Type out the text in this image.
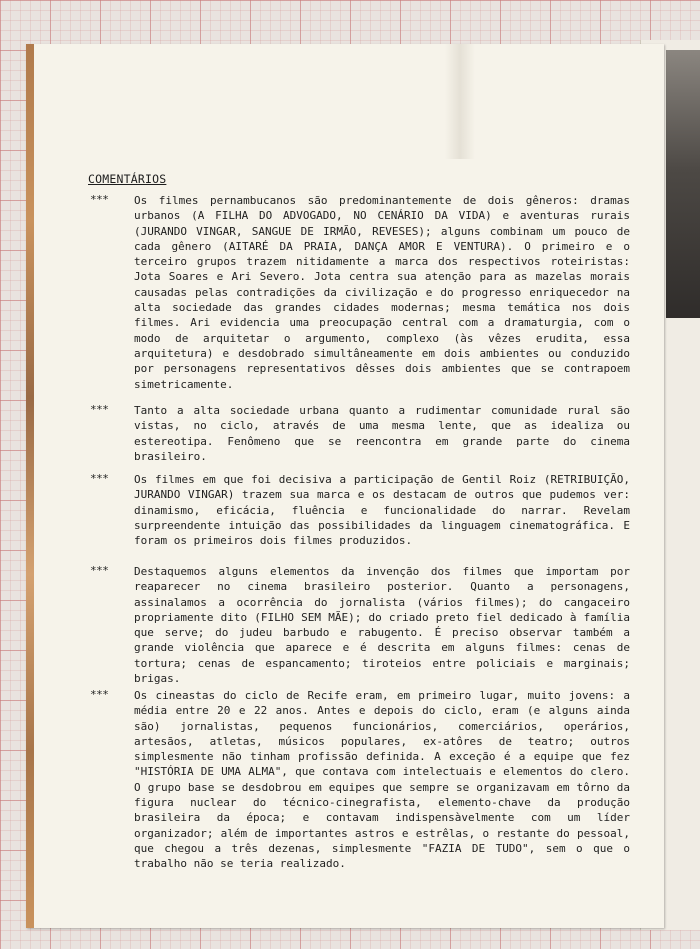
COMENTÁRIOS
*** Os filmes pernambucanos são predominantemente de dois gêneros: dramas urbanos (A FILHA DO ADVOGADO, NO CENÁRIO DA VIDA) e aventuras rurais (JURANDO VINGAR, SANGUE DE IRMÃO, REVESES); alguns combinam um pouco de cada gênero (AITARÉ DA PRAIA, DANÇA AMOR E VENTURA). O primeiro e o terceiro grupos trazem nitidamente a marca dos respectivos roteiristas: Jota Soares e Ari Severo. Jota centra sua atenção para as mazelas morais causadas pelas contradições da civilização e do progresso enriquecedor na alta sociedade das grandes cidades modernas; mesma temática nos dois filmes. Ari evidencia uma preocupação central com a dramaturgia, com o modo de arquitetar o argumento, complexo (às vêzes erudita, essa arquitetura) e desdobrado simultâneamente em dois ambientes ou conduzido por personagens representativos dêsses dois ambientes que se contrapoem simetricamente.
*** Tanto a alta sociedade urbana quanto a rudimentar comunidade rural são vistas, no ciclo, através de uma mesma lente, que as idealiza ou estereotipa. Fenômeno que se reencontra em grande parte do cinema brasileiro.
*** Os filmes em que foi decisiva a participação de Gentil Roiz (RETRIBUIÇÃO, JURANDO VINGAR) trazem sua marca e os destacam de outros que pudemos ver: dinamismo, eficácia, fluência e funcionalidade do narrar. Revelam surpreendente intuição das possibilidades da linguagem cinematográfica. E foram os primeiros dois filmes produzidos.
*** Destaquemos alguns elementos da invenção dos filmes que importam por reaparecer no cinema brasileiro posterior. Quanto a personagens, assinalamos a ocorrência do jornalista (vários filmes); do cangaceiro propriamente dito (FILHO SEM MÃE); do criado preto fiel dedicado à família que serve; do judeu barbudo e rabugento. É preciso observar também a grande violência que aparece e é descrita em alguns filmes: cenas de tortura; cenas de espancamento; tiroteios entre policiais e marginais; brigas.
*** Os cineastas do ciclo de Recife eram, em primeiro lugar, muito jovens: a média entre 20 e 22 anos. Antes e depois do ciclo, eram (e alguns ainda são) jornalistas, pequenos funcionários, comerciários, operários, artesãos, atletas, músicos populares, ex-atôres de teatro; outros simplesmente não tinham profissão definida. A exceção é a equipe que fez "HISTÓRIA DE UMA ALMA", que contava com intelectuais e elementos do clero. O grupo base se desdobrou em equipes que sempre se organizavam em tôrno da figura nuclear do técnico-cinegrafista, elemento-chave da produção brasileira da época; e contavam indispensàvelmente com um líder organizador; além de importantes astros e estrêlas, o restante do pessoal, que chegou a três dezenas, simplesmente "FAZIA DE TUDO", sem o que o trabalho não se teria realizado.
